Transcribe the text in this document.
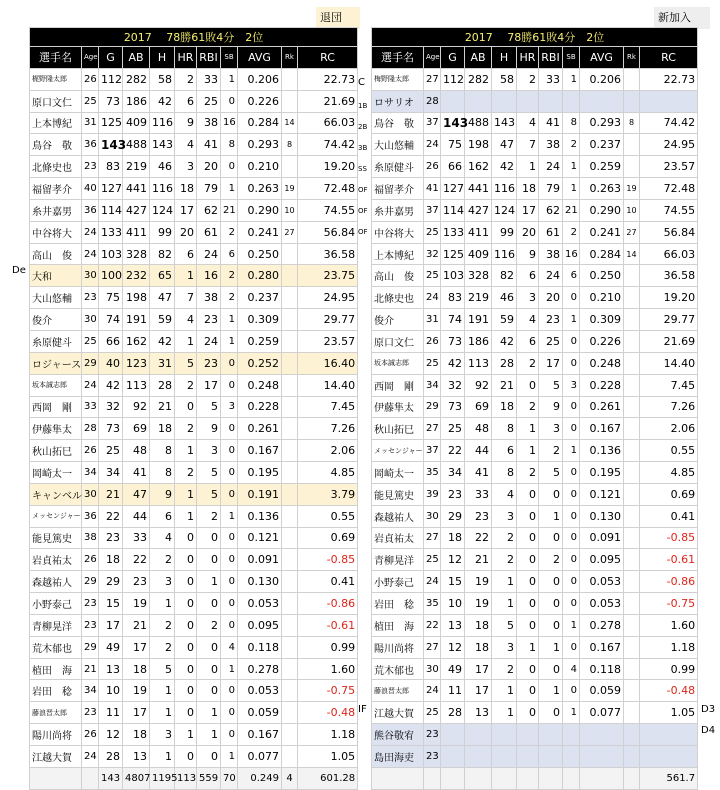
退団	新加入
2017　 78勝61敗4分　2位										
選手名	Age	G	AB	H	HR	RBI	SB	AVG	Rk	RC
梶野隆太郎	26	112	282	58	2	33	1	0.206		22.73
原口文仁	25	73	186	42	6	25	0	0.226		21.69
上本博紀	31	125	409	116	9	38	16	0.284	14	66.03
鳥谷　敬	36	143	488	143	4	41	8	0.293	8	74.42
北條史也	23	83	219	46	3	20	0	0.210		19.20
福留孝介	40	127	441	116	18	79	1	0.263	19	72.48
糸井嘉男	36	114	427	124	17	62	21	0.290	10	74.55
中谷将大	24	133	411	99	20	61	2	0.241	27	56.84
高山　俊	24	103	328	82	6	24	6	0.250		36.58
大和	30	100	232	65	1	16	2	0.280		23.75
大山悠輔	23	75	198	47	7	38	2	0.237		24.95
俊介	30	74	191	59	4	23	1	0.309		29.77
糸原健斗	25	66	162	42	1	24	1	0.259		23.57
ロジャース	29	40	123	31	5	23	0	0.252		16.40
坂本誠志郎	24	42	113	28	2	17	0	0.248		14.40
西岡　剛	33	32	92	21	0	5	3	0.228		7.45
伊藤隼太	28	73	69	18	2	9	0	0.261		7.26
秋山拓巳	26	25	48	8	1	3	0	0.167		2.06
岡崎太一	34	34	41	8	2	5	0	0.195		4.85
キャンベル	30	21	47	9	1	5	0	0.191		3.79
メッセンジャー	36	22	44	6	1	2	1	0.136		0.55
能見篤史	38	23	33	4	0	0	0	0.121		0.69
岩貞祐太	26	18	22	2	0	0	0	0.091		-0.85
森越祐人	29	29	23	3	0	1	0	0.130		0.41
小野泰己	23	15	19	1	0	0	0	0.053		-0.86
青柳晃洋	23	17	21	2	0	2	0	0.095		-0.61
荒木郁也	29	49	17	2	0	0	4	0.118		0.99
植田　海	21	13	18	5	0	0	1	0.278		1.60
岩田　稔	34	10	19	1	0	0	0	0.053		-0.75
藤浪晋太郎	23	11	17	1	0	1	0	0.059		-0.48
陽川尚将	26	12	18	3	1	1	0	0.167		1.18
江越大賀	24	28	13	1	0	0	1	0.077		1.05
		143	4807	1195	113	559	70	0.249	4	601.28
2017　 78勝61敗4分　2位										
選手名	Age	G	AB	H	HR	RBI	SB	AVG	Rk	RC
梅野隆太郎	27	112	282	58	2	33	1	0.206		22.73
ロサリオ	28									
鳥谷　敬	37	143	488	143	4	41	8	0.293	8	74.42
大山悠輔	24	75	198	47	7	38	2	0.237		24.95
糸原健斗	26	66	162	42	1	24	1	0.259		23.57
福留孝介	41	127	441	116	18	79	1	0.263	19	72.48
糸井嘉男	37	114	427	124	17	62	21	0.290	10	74.55
中谷将大	25	133	411	99	20	61	2	0.241	27	56.84
上本博紀	32	125	409	116	9	38	16	0.284	14	66.03
高山　俊	25	103	328	82	6	24	6	0.250		36.58
北條史也	24	83	219	46	3	20	0	0.210		19.20
俊介	31	74	191	59	4	23	1	0.309		29.77
原口文仁	26	73	186	42	6	25	0	0.226		21.69
坂本誠志郎	25	42	113	28	2	17	0	0.248		14.40
西岡　剛	34	32	92	21	0	5	3	0.228		7.45
伊藤隼太	29	73	69	18	2	9	0	0.261		7.26
秋山拓巳	27	25	48	8	1	3	0	0.167		2.06
メッセンジャー	37	22	44	6	1	2	1	0.136		0.55
岡崎太一	35	34	41	8	2	5	0	0.195		4.85
能見篤史	39	23	33	4	0	0	0	0.121		0.69
森越祐人	30	29	23	3	0	1	0	0.130		0.41
岩貞祐太	27	18	22	2	0	0	0	0.091		-0.85
青柳晃洋	25	12	21	2	0	2	0	0.095		-0.61
小野泰己	24	15	19	1	0	0	0	0.053		-0.86
岩田　稔	35	10	19	1	0	0	0	0.053		-0.75
植田　海	22	13	18	5	0	0	1	0.278		1.60
陽川尚将	27	12	18	3	1	1	0	0.167		1.18
荒木郁也	30	49	17	2	0	0	4	0.118		0.99
藤浪晋太郎	24	11	17	1	0	1	0	0.059		-0.48
江越大賀	25	28	13	1	0	0	1	0.077		1.05
熊谷敬宥	23									
島田海吏	23									
										561.7
C
1B
2B
3B
SS
OF
OF
OF
IF	D3
D4
De
